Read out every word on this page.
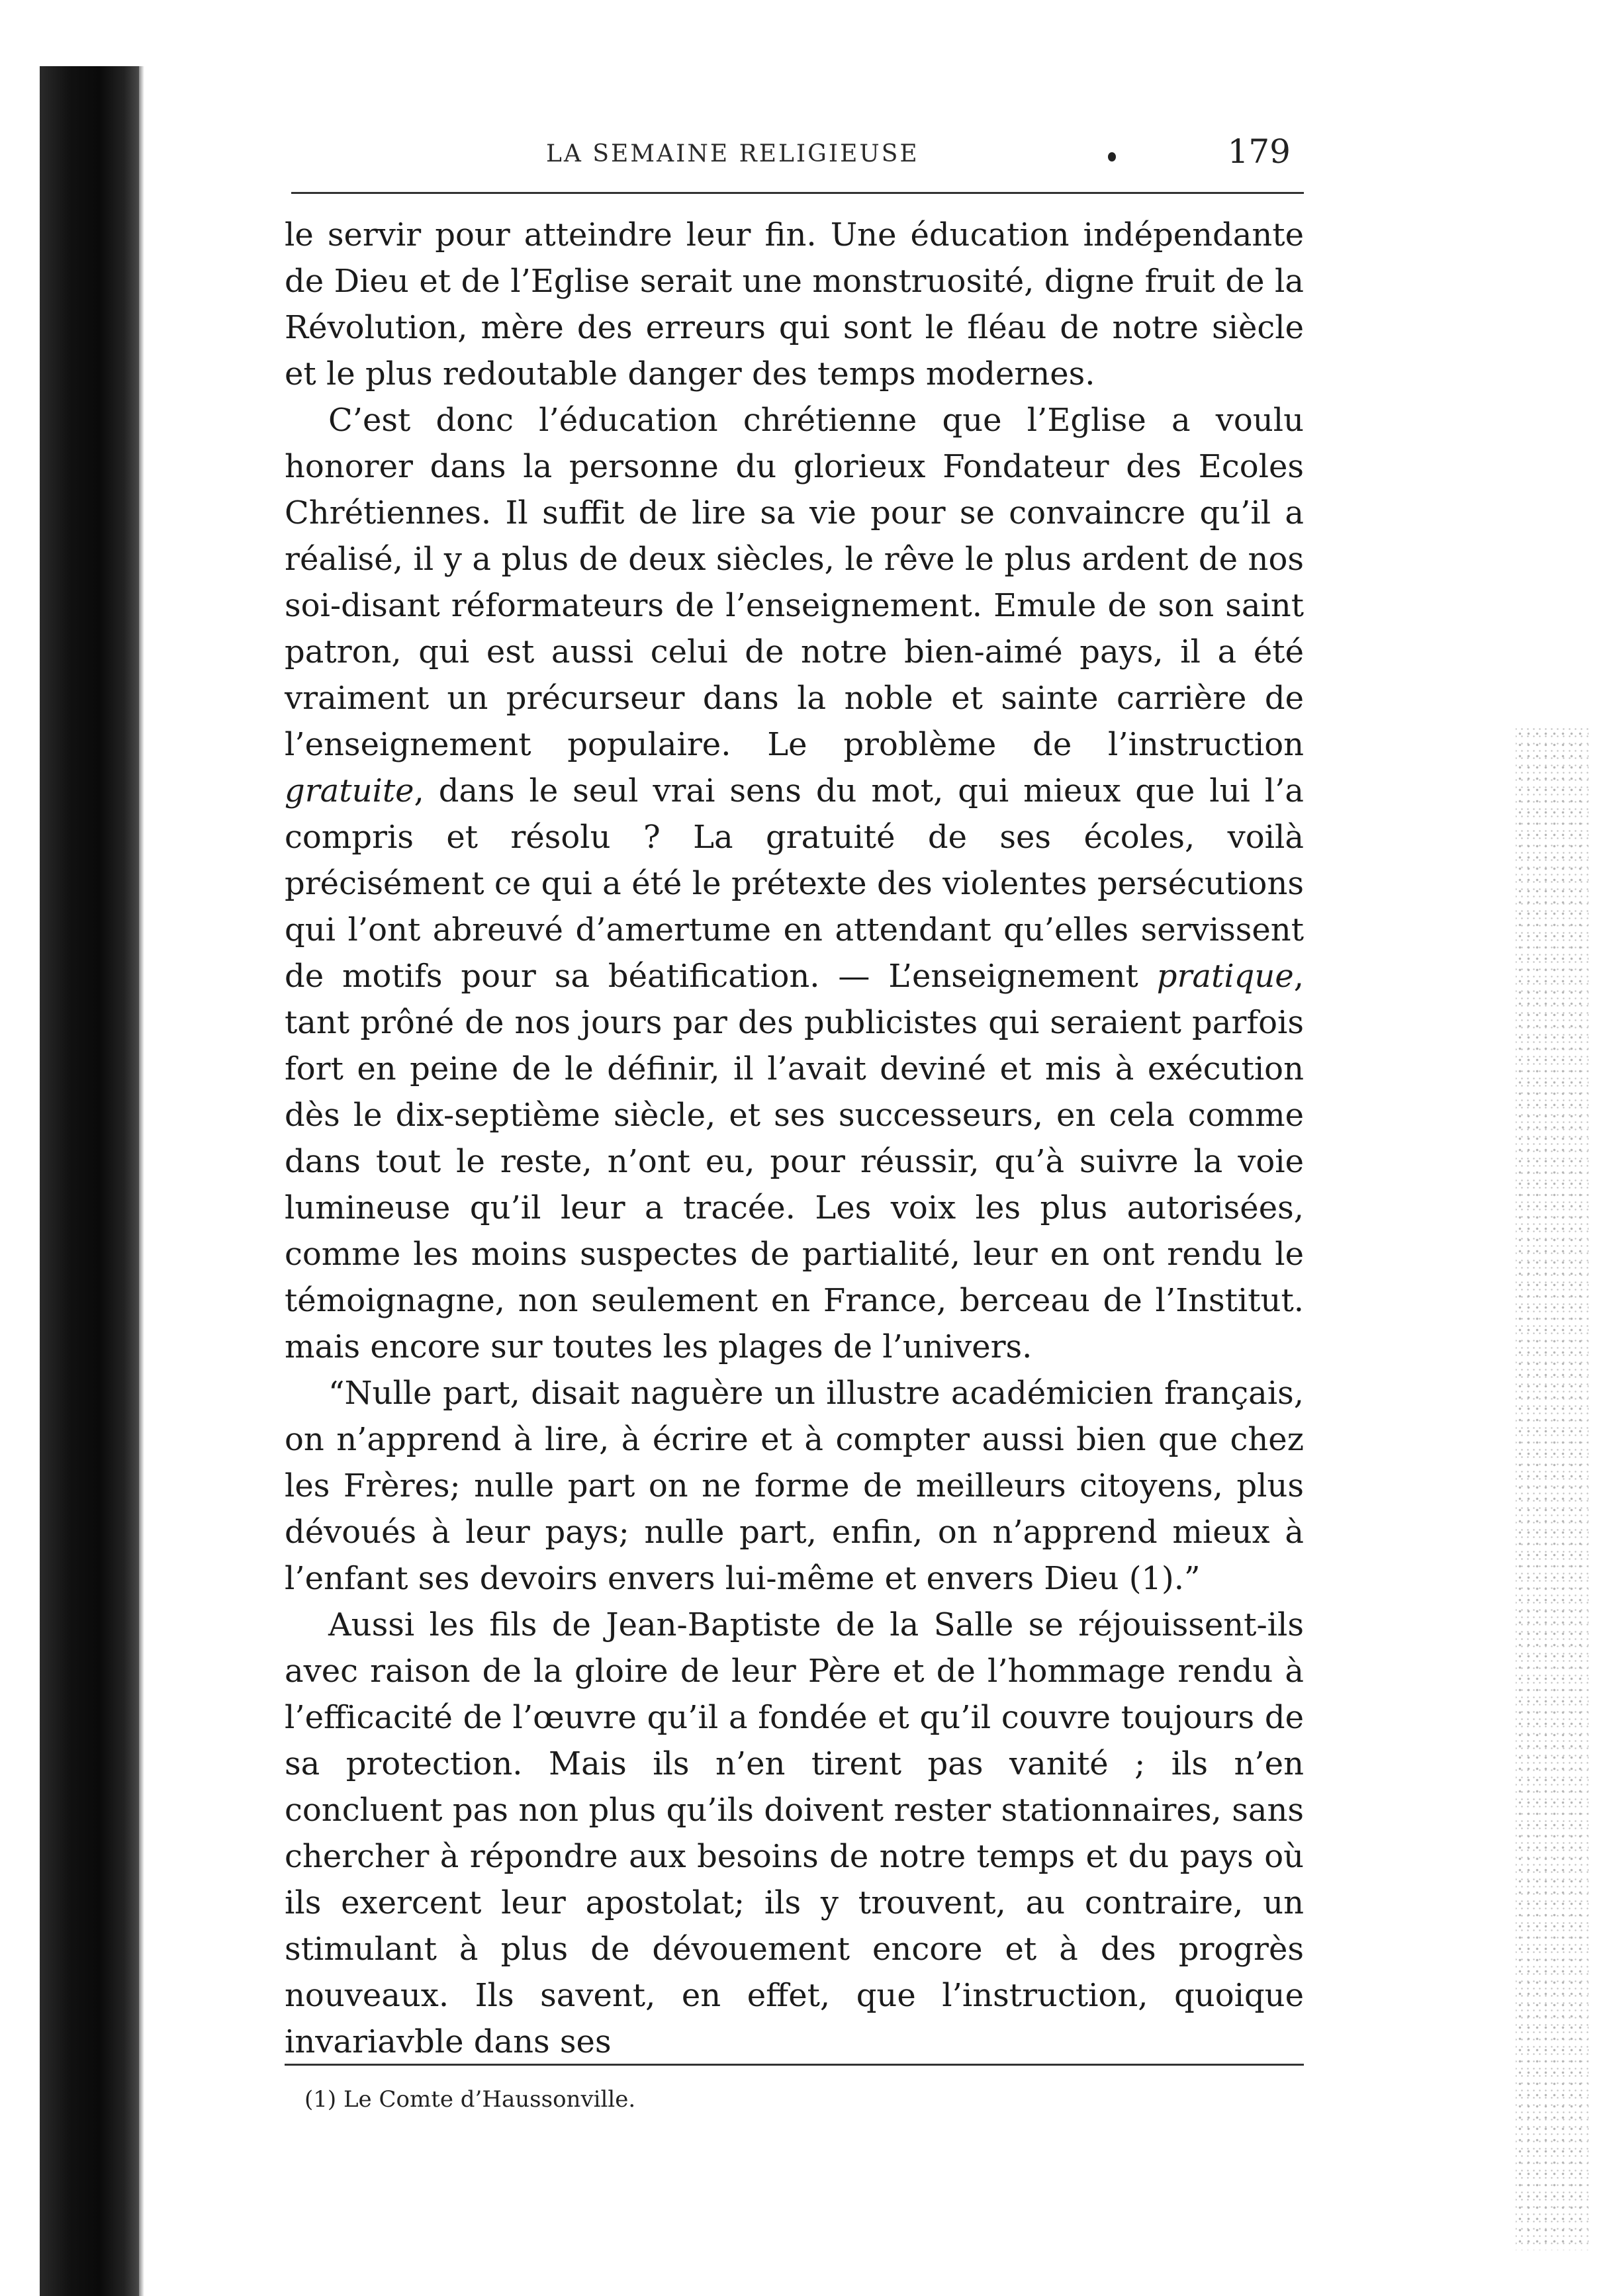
LA SEMAINE RELIGIEUSE	179

le servir pour atteindre leur fin. Une éducation indépendante de Dieu et de l’Eglise serait une monstruosité, digne fruit de la Révolution, mère des erreurs qui sont le fléau de notre siècle et le plus redoutable danger des temps modernes.

C’est donc l’éducation chrétienne que l’Eglise a voulu honorer dans la personne du glorieux Fondateur des Ecoles Chrétiennes. Il suffit de lire sa vie pour se convaincre qu’il a réalisé, il y a plus de deux siècles, le rêve le plus ardent de nos soi-disant réformateurs de l’enseignement. Emule de son saint patron, qui est aussi celui de notre bien-aimé pays, il a été vraiment un précurseur dans la noble et sainte carrière de l’enseignement populaire. Le problème de l’instruction gratuite, dans le seul vrai sens du mot, qui mieux que lui l’a compris et résolu ? La gratuité de ses écoles, voilà précisément ce qui a été le prétexte des violentes persécutions qui l’ont abreuvé d’amertume en attendant qu’elles servissent de motifs pour sa béatification. — L’enseignement pratique, tant prôné de nos jours par des publicistes qui seraient parfois fort en peine de le définir, il l’avait deviné et mis à exécution dès le dix-septième siècle, et ses successeurs, en cela comme dans tout le reste, n’ont eu, pour réussir, qu’à suivre la voie lumineuse qu’il leur a tracée. Les voix les plus autorisées, comme les moins suspectes de partialité, leur en ont rendu le témoignagne, non seulement en France, berceau de l’Institut. mais encore sur toutes les plages de l’univers.

“Nulle part, disait naguère un illustre académicien français, on n’apprend à lire, à écrire et à compter aussi bien que chez les Frères; nulle part on ne forme de meilleurs citoyens, plus dévoués à leur pays; nulle part, enfin, on n’apprend mieux à l’enfant ses devoirs envers lui-même et envers Dieu (1).”

Aussi les fils de Jean-Baptiste de la Salle se réjouissent-ils avec raison de la gloire de leur Père et de l’hommage rendu à l’efficacité de l’œuvre qu’il a fondée et qu’il couvre toujours de sa protection. Mais ils n’en tirent pas vanité ; ils n’en concluent pas non plus qu’ils doivent rester stationnaires, sans chercher à répondre aux besoins de notre temps et du pays où ils exercent leur apostolat; ils y trouvent, au contraire, un stimulant à plus de dévouement encore et à des progrès nouveaux. Ils savent, en effet, que l’instruction, quoique invariavble dans ses

(1) Le Comte d’Haussonville.
